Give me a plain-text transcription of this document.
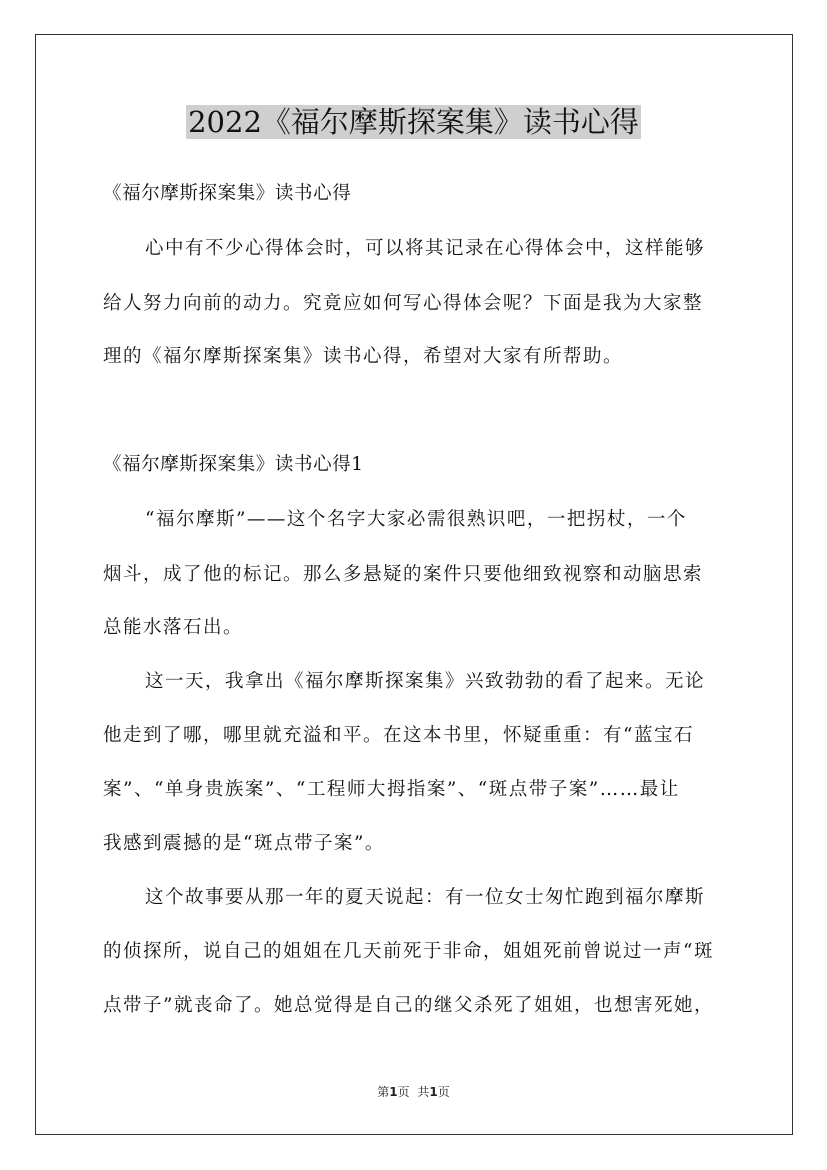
2022《福尔摩斯探案集》读书心得

《福尔摩斯探案集》读书心得

心中有不少心得体会时，可以将其记录在心得体会中，这样能够

给人努力向前的动力。究竟应如何写心得体会呢？下面是我为大家整

理的《福尔摩斯探案集》读书心得，希望对大家有所帮助。

《福尔摩斯探案集》读书心得1

“福尔摩斯”——这个名字大家必需很熟识吧，一把拐杖，一个

烟斗，成了他的标记。那么多悬疑的案件只要他细致视察和动脑思索

总能水落石出。

这一天，我拿出《福尔摩斯探案集》兴致勃勃的看了起来。无论

他走到了哪，哪里就充溢和平。在这本书里，怀疑重重：有“蓝宝石

案”、“单身贵族案”、“工程师大拇指案”、“斑点带子案”……最让

我感到震撼的是“斑点带子案”。

这个故事要从那一年的夏天说起：有一位女士匆忙跑到福尔摩斯

的侦探所，说自己的姐姐在几天前死于非命，姐姐死前曾说过一声“斑

点带子”就丧命了。她总觉得是自己的继父杀死了姐姐，也想害死她，

第1页 共1页
